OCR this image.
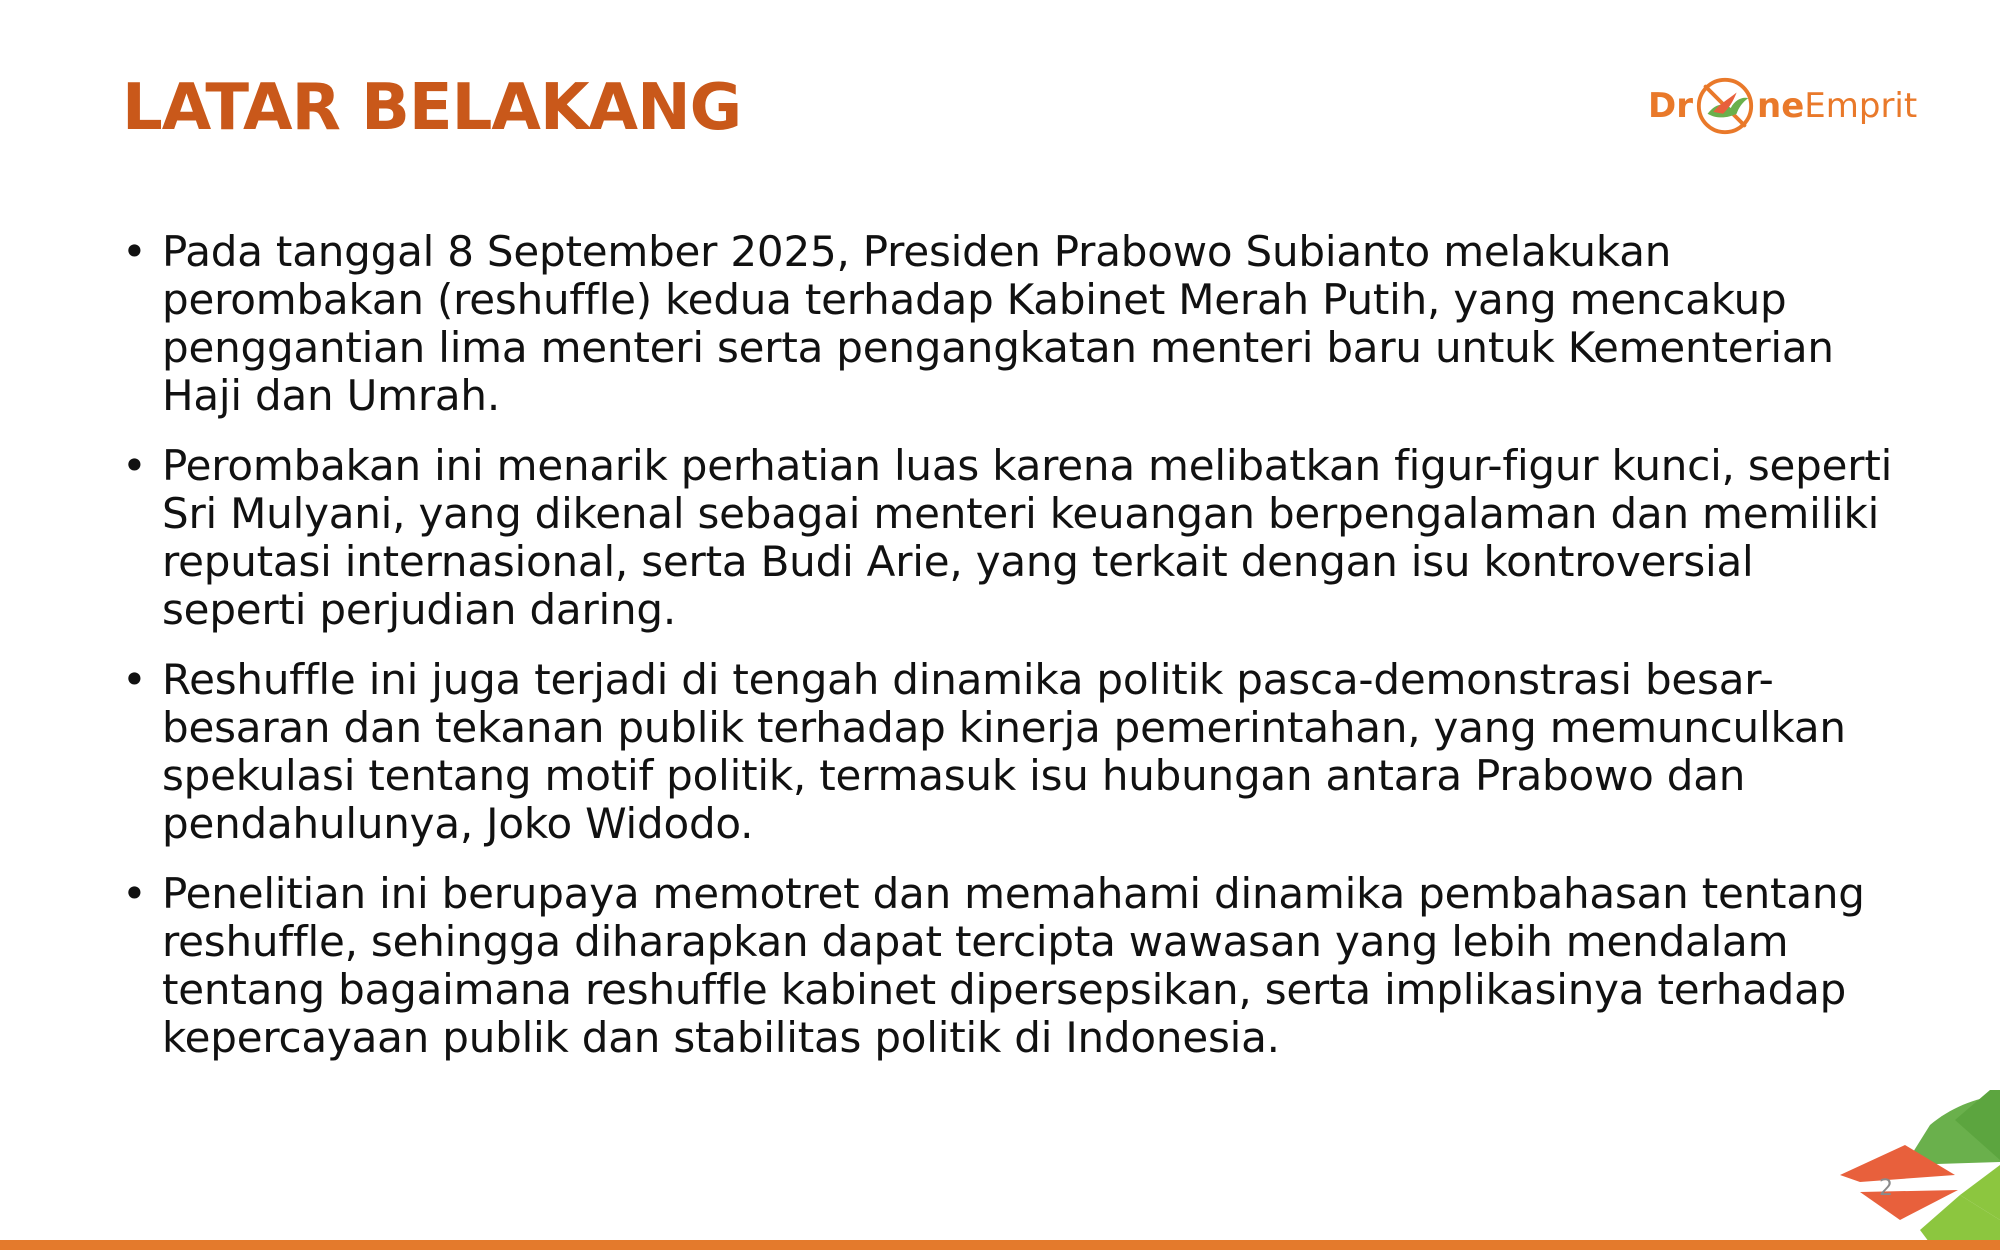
LATAR BELAKANG	Dr ne Emprit
• Pada tanggal 8 September 2025, Presiden Prabowo Subianto melakukan perombakan (reshuffle) kedua terhadap Kabinet Merah Putih, yang mencakup penggantian lima menteri serta pengangkatan menteri baru untuk Kementerian Haji dan Umrah.
• Perombakan ini menarik perhatian luas karena melibatkan figur-figur kunci, seperti Sri Mulyani, yang dikenal sebagai menteri keuangan berpengalaman dan memiliki reputasi internasional, serta Budi Arie, yang terkait dengan isu kontroversial seperti perjudian daring.
• Reshuffle ini juga terjadi di tengah dinamika politik pasca-demonstrasi besar-besaran dan tekanan publik terhadap kinerja pemerintahan, yang memunculkan spekulasi tentang motif politik, termasuk isu hubungan antara Prabowo dan pendahulunya, Joko Widodo.
• Penelitian ini berupaya memotret dan memahami dinamika pembahasan tentang reshuffle, sehingga diharapkan dapat tercipta wawasan yang lebih mendalam tentang bagaimana reshuffle kabinet dipersepsikan, serta implikasinya terhadap kepercayaan publik dan stabilitas politik di Indonesia.
2
